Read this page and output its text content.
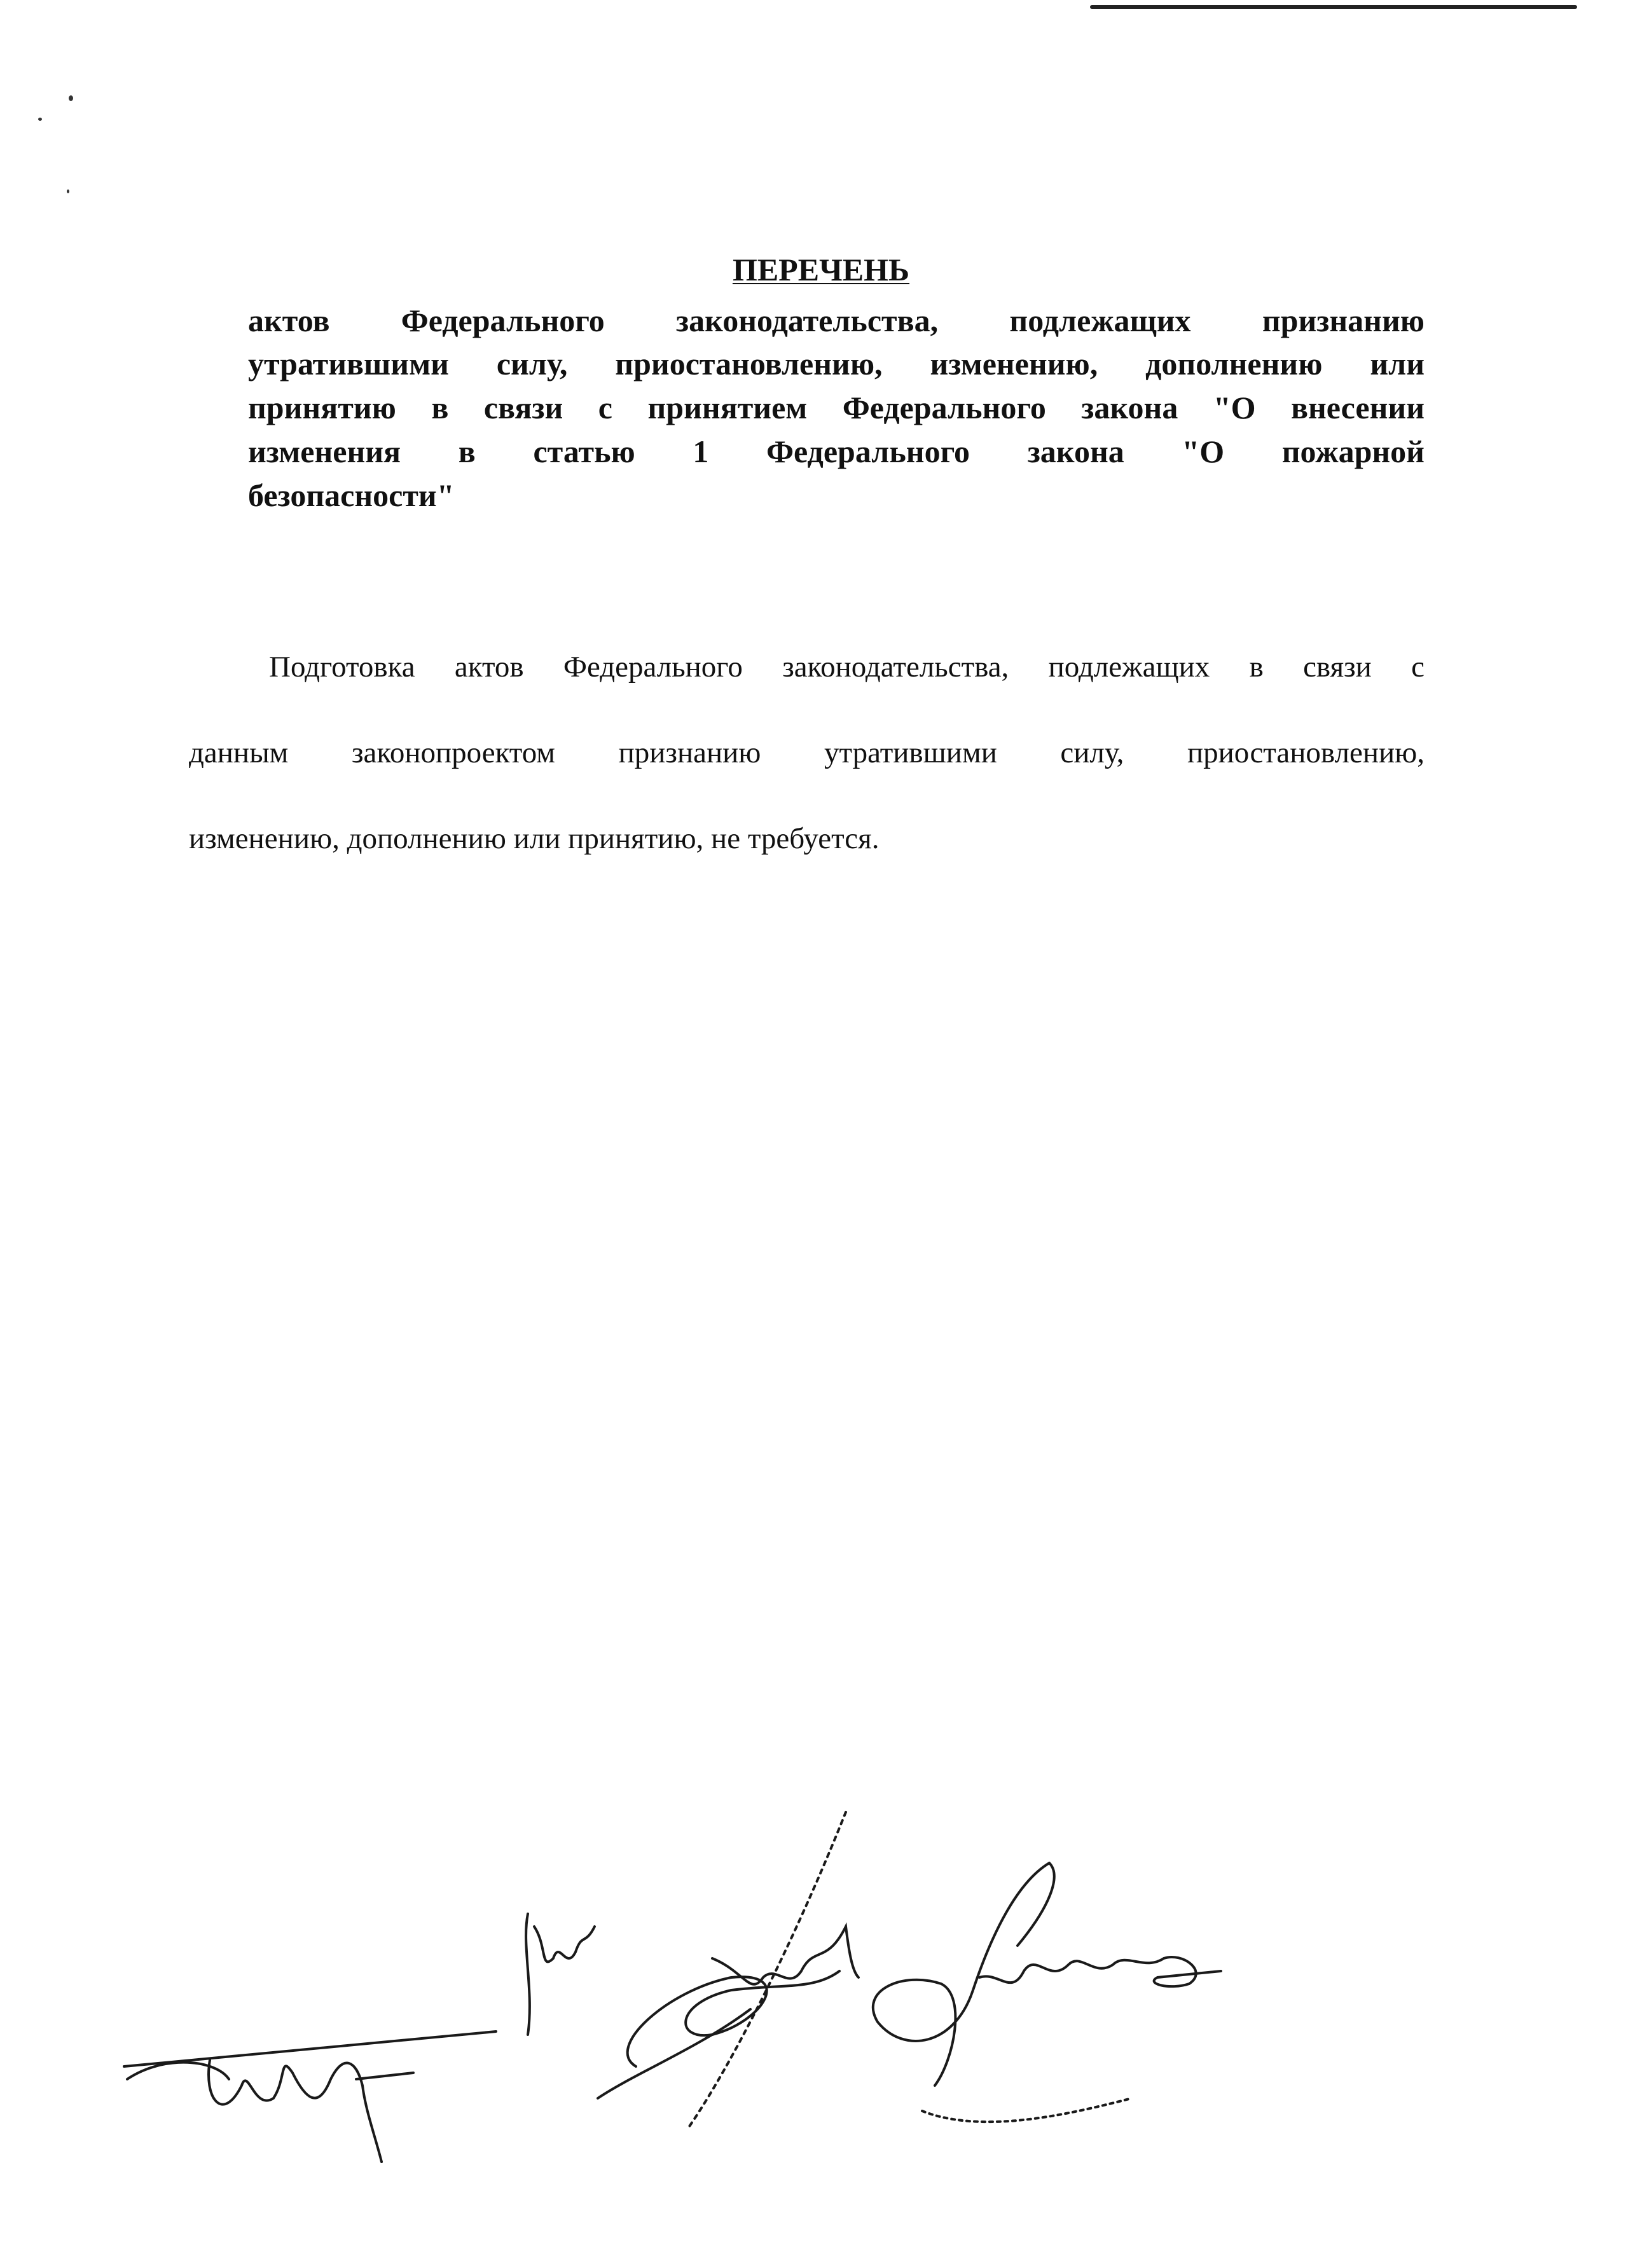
ПЕРЕЧЕНЬ
актов Федерального законодательства, подлежащих признанию
утратившими силу, приостановлению, изменению, дополнению или
принятию в связи с принятием Федерального закона "О внесении
изменения в статью 1 Федерального закона "О пожарной
безопасности"
Подготовка актов Федерального законодательства, подлежащих в связи с
данным законопроектом признанию утратившими силу, приостановлению,
изменению, дополнению или принятию, не требуется.
